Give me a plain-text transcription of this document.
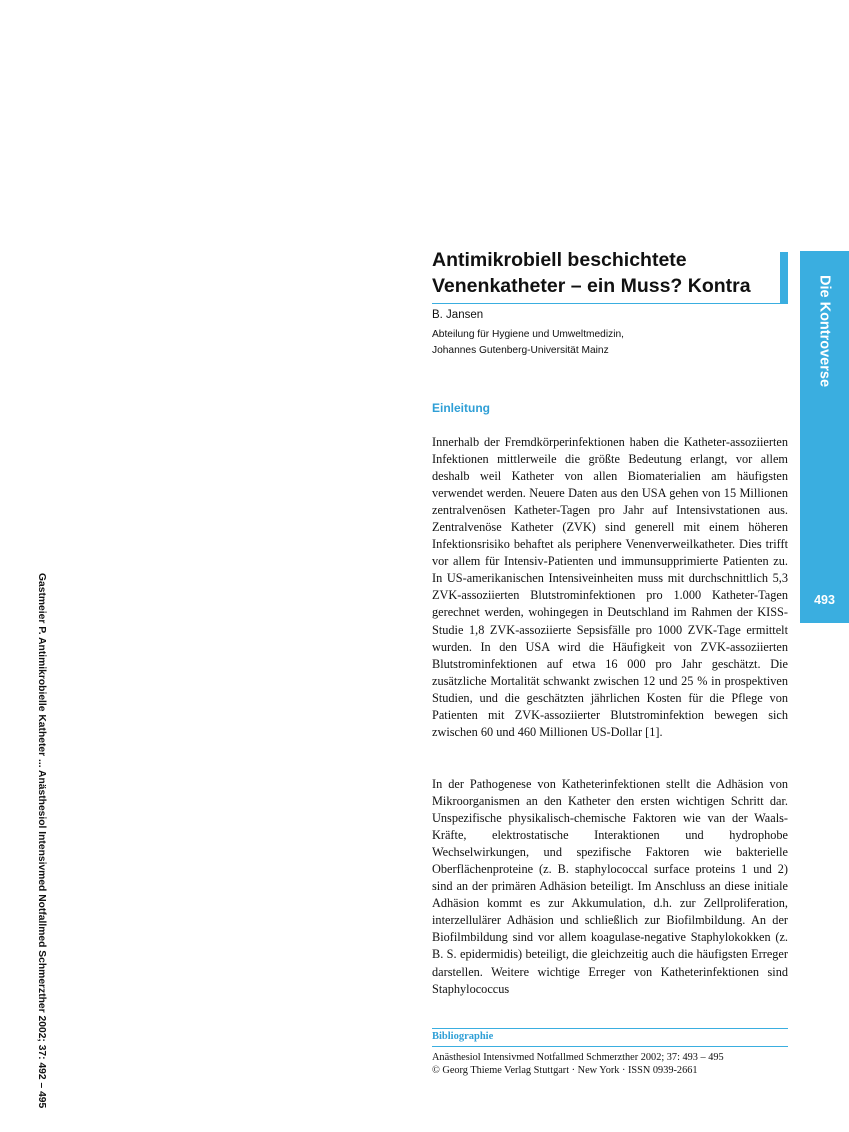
Antimikrobiell beschichtete Venenkatheter – ein Muss? Kontra
B. Jansen
Abteilung für Hygiene und Umweltmedizin,
Johannes Gutenberg-Universität Mainz
Einleitung

Innerhalb der Fremdkörperinfektionen haben die Katheter-assoziierten Infektionen mittlerweile die größte Bedeutung erlangt, vor allem deshalb weil Katheter von allen Biomaterialien am häufigsten verwendet werden. Neuere Daten aus den USA gehen von 15 Millionen zentralvenösen Katheter-Tagen pro Jahr auf Intensivstationen aus. Zentralvenöse Katheter (ZVK) sind generell mit einem höheren Infektionsrisiko behaftet als periphere Venenverweilkatheter. Dies trifft vor allem für Intensiv-Patienten und immunsupprimierte Patienten zu. In US-amerikanischen Intensiveinheiten muss mit durchschnittlich 5,3 ZVK-assoziierten Blutstrominfektionen pro 1.000 Katheter-Tagen gerechnet werden, wohingegen in Deutschland im Rahmen der KISS-Studie 1,8 ZVK-assoziierte Sepsisfälle pro 1000 ZVK-Tage ermittelt wurden. In den USA wird die Häufigkeit von ZVK-assoziierten Blutstrominfektionen auf etwa 16 000 pro Jahr geschätzt. Die zusätzliche Mortalität schwankt zwischen 12 und 25 % in prospektiven Studien, und die geschätzten jährlichen Kosten für die Pflege von Patienten mit ZVK-assoziierter Blutstrominfektion bewegen sich zwischen 60 und 460 Millionen US-Dollar [1].

In der Pathogenese von Katheterinfektionen stellt die Adhäsion von Mikroorganismen an den Katheter den ersten wichtigen Schritt dar. Unspezifische physikalisch-chemische Faktoren wie van der Waals-Kräfte, elektrostatische Interaktionen und hydrophobe Wechselwirkungen, und spezifische Faktoren wie bakterielle Oberflächenproteine (z. B. staphylococcal surface proteins 1 und 2) sind an der primären Adhäsion beteiligt. Im Anschluss an diese initiale Adhäsion kommt es zur Akkumulation, d.h. zur Zellproliferation, interzellulärer Adhäsion und schließlich zur Biofilmbildung. An der Biofilmbildung sind vor allem koagulase-negative Staphylokokken (z. B. S. epidermidis) beteiligt, die gleichzeitig auch die häufigsten Erreger darstellen. Weitere wichtige Erreger von Katheterinfektionen sind Staphylococcus

Die Kontroverse
493
Gastmeier P. Antimikrobielle Katheter ... Anästhesiol Intensivmed Notfallmed Schmerzther 2002; 37: 492 – 495	Bibliographie
Anästhesiol Intensivmed Notfallmed Schmerzther 2002; 37: 493 – 495
© Georg Thieme Verlag Stuttgart · New York · ISSN 0939-2661
